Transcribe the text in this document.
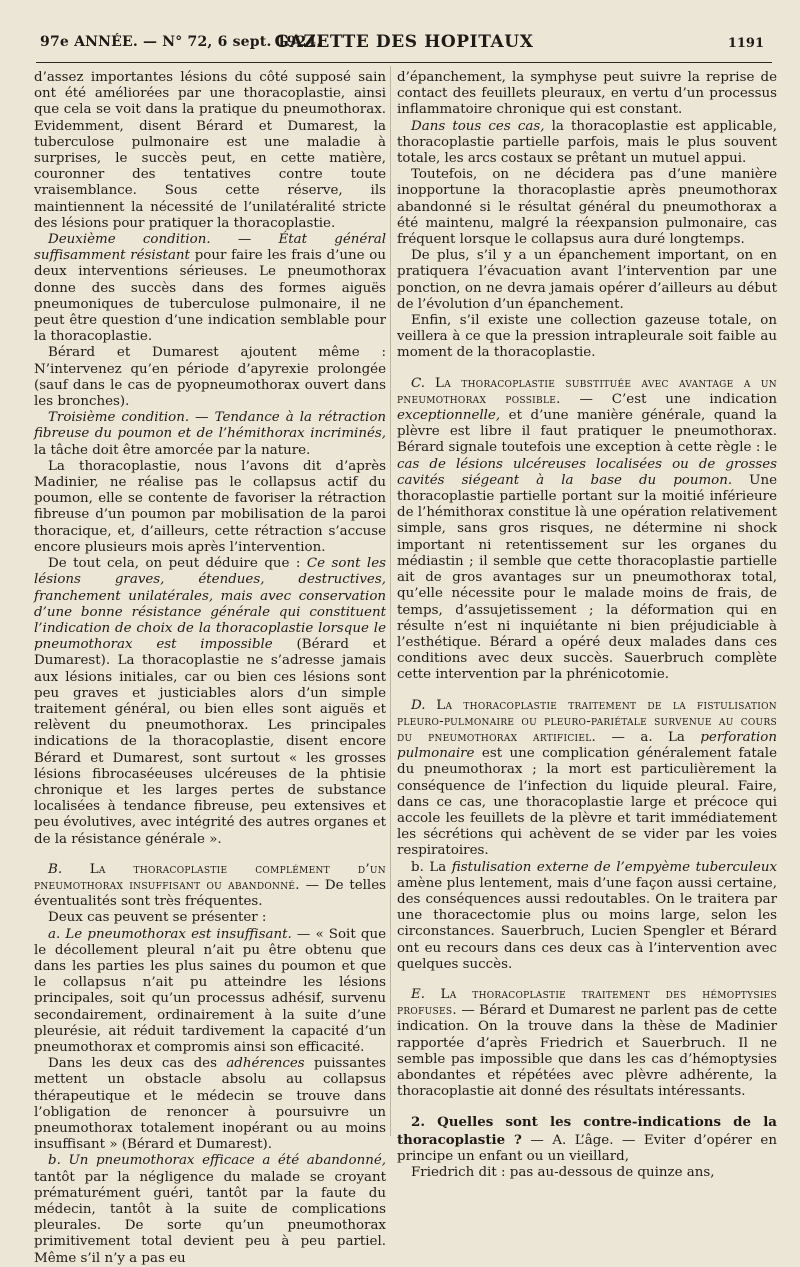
97e ANNÉE. — N° 72, 6 sept. 1924.
GAZETTE DES HOPITAUX	1191

d’assez importantes lésions du côté supposé sain ont été améliorées par une thoracoplastie, ainsi que cela se voit dans la pratique du pneumothorax. Evidemment, disent Bérard et Dumarest, la tuberculose pulmonaire est une maladie à surprises, le succès peut, en cette matière, couronner des tentatives contre toute vraisemblance. Sous cette réserve, ils maintiennent la nécessité de l’unilatéralité stricte des lésions pour pratiquer la thoracoplastie.

Deuxième condition. — État général suffisamment résistant pour faire les frais d’une ou deux interventions sérieuses. Le pneumothorax donne des succès dans des formes aiguës pneumoniques de tuberculose pulmonaire, il ne peut être question d’une indication semblable pour la thoracoplastie.

Bérard et Dumarest ajoutent même : N’intervenez qu’en période d’apyrexie prolongée (sauf dans le cas de pyopneumothorax ouvert dans les bronches).

Troisième condition. — Tendance à la rétraction fibreuse du poumon et de l’hémithorax incriminés, la tâche doit être amorcée par la nature.

La thoracoplastie, nous l’avons dit d’après Madinier, ne réalise pas le collapsus actif du poumon, elle se contente de favoriser la rétraction fibreuse d’un poumon par mobilisation de la paroi thoracique, et, d’ailleurs, cette rétraction s’accuse encore plusieurs mois après l’intervention.

De tout cela, on peut déduire que : Ce sont les lésions graves, étendues, destructives, franchement unilatérales, mais avec conservation d’une bonne résistance générale qui constituent l’indication de choix de la thoracoplastie lorsque le pneumothorax est impossible (Bérard et Dumarest). La thoracoplastie ne s’adresse jamais aux lésions initiales, car ou bien ces lésions sont peu graves et justiciables alors d’un simple traitement général, ou bien elles sont aiguës et relèvent du pneumothorax. Les principales indications de la thoracoplastie, disent encore Bérard et Dumarest, sont surtout « les grosses lésions fibrocaséeuses ulcéreuses de la phtisie chronique et les larges pertes de substance localisées à tendance fibreuse, peu extensives et peu évolutives, avec intégrité des autres organes et de la résistance générale ».

B. La thoracoplastie complément d’un pneumothorax insuffisant ou abandonné. — De telles éventualités sont très fréquentes.

Deux cas peuvent se présenter :

a. Le pneumothorax est insuffisant. — « Soit que le décollement pleural n’ait pu être obtenu que dans les parties les plus saines du poumon et que le collapsus n’ait pu atteindre les lésions principales, soit qu’un processus adhésif, survenu secondairement, ordinairement à la suite d’une pleurésie, ait réduit tardivement la capacité d’un pneumothorax et compromis ainsi son efficacité.

Dans les deux cas des adhérences puissantes mettent un obstacle absolu au collapsus thérapeutique et le médecin se trouve dans l’obligation de renoncer à poursuivre un pneumothorax totalement inopérant ou au moins insuffisant » (Bérard et Dumarest).

b. Un pneumothorax efficace a été abandonné, tantôt par la négligence du malade se croyant prématurément guéri, tantôt par la faute du médecin, tantôt à la suite de complications pleurales. De sorte qu’un pneumothorax primitivement total devient peu à peu partiel. Même s’il n’y a pas eu

d’épanchement, la symphyse peut suivre la reprise de contact des feuillets pleuraux, en vertu d’un processus inflammatoire chronique qui est constant.

Dans tous ces cas, la thoracoplastie est applicable, thoracoplastie partielle parfois, mais le plus souvent totale, les arcs costaux se prêtant un mutuel appui.

Toutefois, on ne décidera pas d’une manière inopportune la thoracoplastie après pneumothorax abandonné si le résultat général du pneumothorax a été maintenu, malgré la réexpansion pulmonaire, cas fréquent lorsque le collapsus aura duré longtemps.

De plus, s’il y a un épanchement important, on en pratiquera l’évacuation avant l’intervention par une ponction, on ne devra jamais opérer d’ailleurs au début de l’évolution d’un épanchement.

Enfin, s’il existe une collection gazeuse totale, on veillera à ce que la pression intrapleurale soit faible au moment de la thoracoplastie.

C. La thoracoplastie substituée avec avantage a un pneumothorax possible. — C’est une indication exceptionnelle, et d’une manière générale, quand la plèvre est libre il faut pratiquer le pneumothorax. Bérard signale toutefois une exception à cette règle : le cas de lésions ulcéreuses localisées ou de grosses cavités siégeant à la base du poumon. Une thoracoplastie partielle portant sur la moitié inférieure de l’hémithorax constitue là une opération relativement simple, sans gros risques, ne détermine ni shock important ni retentissement sur les organes du médiastin ; il semble que cette thoracoplastie partielle ait de gros avantages sur un pneumothorax total, qu’elle nécessite pour le malade moins de frais, de temps, d’assujetissement ; la déformation qui en résulte n’est ni inquiétante ni bien préjudiciable à l’esthétique. Bérard a opéré deux malades dans ces conditions avec deux succès. Sauerbruch complète cette intervention par la phrénicotomie.

D. La thoracoplastie traitement de la fistulisation pleuro-pulmonaire ou pleuro-pariétale survenue au cours du pneumothorax artificiel. — a. La perforation pulmonaire est une complication généralement fatale du pneumothorax ; la mort est particulièrement la conséquence de l’infection du liquide pleural. Faire, dans ce cas, une thoracoplastie large et précoce qui accole les feuillets de la plèvre et tarit immédiatement les sécrétions qui achèvent de se vider par les voies respiratoires.

b. La fistulisation externe de l’empyème tuberculeux amène plus lentement, mais d’une façon aussi certaine, des conséquences aussi redoutables. On le traitera par une thoracectomie plus ou moins large, selon les circonstances. Sauerbruch, Lucien Spengler et Bérard ont eu recours dans ces deux cas à l’intervention avec quelques succès.

E. La thoracoplastie traitement des hémoptysies profuses. — Bérard et Dumarest ne parlent pas de cette indication. On la trouve dans la thèse de Madinier rapportée d’après Friedrich et Sauerbruch. Il ne semble pas impossible que dans les cas d’hémoptysies abondantes et répétées avec plèvre adhérente, la thoracoplastie ait donné des résultats intéressants.

2. Quelles sont les contre-indications de la thoracoplastie ? — A. L’âge. — Eviter d’opérer en principe un enfant ou un vieillard,

Friedrich dit : pas au-dessous de quinze ans,
